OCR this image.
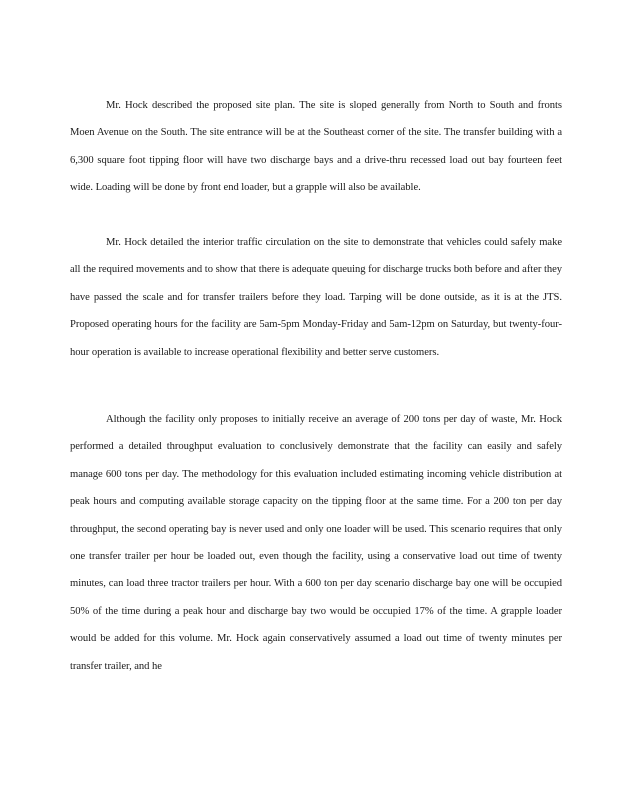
Mr. Hock described the proposed site plan. The site is sloped generally from North to South and fronts Moen Avenue on the South. The site entrance will be at the Southeast corner of the site. The transfer building with a 6,300 square foot tipping floor will have two discharge bays and a drive-thru recessed load out bay fourteen feet wide. Loading will be done by front end loader, but a grapple will also be available.

Mr. Hock detailed the interior traffic circulation on the site to demonstrate that vehicles could safely make all the required movements and to show that there is adequate queuing for discharge trucks both before and after they have passed the scale and for transfer trailers before they load. Tarping will be done outside, as it is at the JTS. Proposed operating hours for the facility are 5am-5pm Monday-Friday and 5am-12pm on Saturday, but twenty-four-hour operation is available to increase operational flexibility and better serve customers.

Although the facility only proposes to initially receive an average of 200 tons per day of waste, Mr. Hock performed a detailed throughput evaluation to conclusively demonstrate that the facility can easily and safely manage 600 tons per day. The methodology for this evaluation included estimating incoming vehicle distribution at peak hours and computing available storage capacity on the tipping floor at the same time. For a 200 ton per day throughput, the second operating bay is never used and only one loader will be used. This scenario requires that only one transfer trailer per hour be loaded out, even though the facility, using a conservative load out time of twenty minutes, can load three tractor trailers per hour. With a 600 ton per day scenario discharge bay one will be occupied 50% of the time during a peak hour and discharge bay two would be occupied 17% of the time. A grapple loader would be added for this volume. Mr. Hock again conservatively assumed a load out time of twenty minutes per transfer trailer, and he
